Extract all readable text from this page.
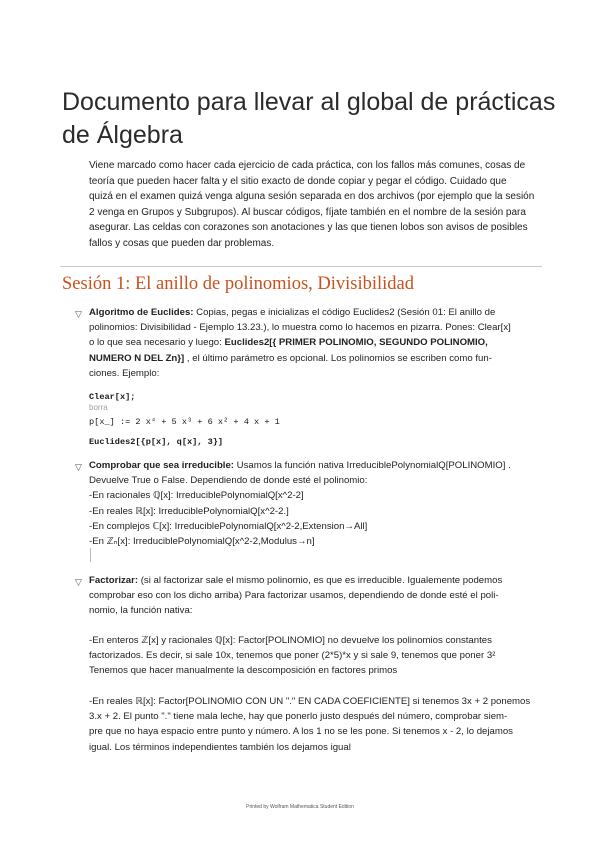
Documento para llevar al global de prácticas
de Álgebra
Viene marcado como hacer cada ejercicio de cada práctica, con los fallos más comunes, cosas de
teoría que pueden hacer falta y el sitio exacto de donde copiar y pegar el código. Cuidado que
quizá en el examen quizá venga alguna sesión separada en dos archivos (por ejemplo que la sesión
2 venga en Grupos y Subgrupos). Al buscar códigos, fíjate también en el nombre de la sesión para
asegurar. Las celdas con corazones son anotaciones y las que tienen lobos son avisos de posibles
fallos y cosas que pueden dar problemas.
Sesión 1: El anillo de polinomios, Divisibilidad
▽ Algoritmo de Euclides: Copias, pegas e inicializas el código Euclides2 (Sesión 01: El anillo de
polinomios: Divisibilidad - Ejemplo 13.23.), lo muestra como lo hacemos en pizarra. Pones: Clear[x]
o lo que sea necesario y luego: Euclides2[{ PRIMER POLINOMIO, SEGUNDO POLINOMIO,
NUMERO N DEL Zn}] , el último parámetro es opcional. Los polinomios se escriben como fun-
ciones. Ejemplo:
Clear[x];
borra
p[x_] := 2 x⁴ + 5 x³ + 6 x² + 4 x + 1
Euclides2[{p[x], q[x], 3}]
▽ Comprobar que sea irreducible: Usamos la función nativa IrreduciblePolynomialQ[POLINOMIO] .
Devuelve True o False. Dependiendo de donde esté el polinomio:
-En racionales ℚ[x]: IrreduciblePolynomialQ[x^2-2]
-En reales ℝ[x]: IrreduciblePolynomialQ[x^2-2.]
-En complejos ℂ[x]: IrreduciblePolynomialQ[x^2-2,Extension→All]
-En ℤₙ[x]: IrreduciblePolynomialQ[x^2-2,Modulus→n]
▽ Factorizar: (si al factorizar sale el mismo polinomio, es que es irreducible. Igualemente podemos
comprobar eso con los dicho arriba) Para factorizar usamos, dependiendo de donde esté el poli-
nomio, la función nativa:
-En enteros ℤ[x] y racionales ℚ[x]: Factor[POLINOMIO] no devuelve los polinomios constantes
factorizados. Es decir, si sale 10x, tenemos que poner (2*5)*x y si sale 9, tenemos que poner 3²
Tenemos que hacer manualmente la descomposición en factores primos
-En reales ℝ[x]: Factor[POLINOMIO CON UN "." EN CADA COEFICIENTE] si tenemos 3x + 2 ponemos
3.x + 2. El punto "." tiene mala leche, hay que ponerlo justo después del número, comprobar siem-
pre que no haya espacio entre punto y número. A los 1 no se les pone. Si tenemos x - 2, lo dejamos
igual. Los términos independientes también los dejamos igual
Printed by Wolfram Mathematica Student Edition
